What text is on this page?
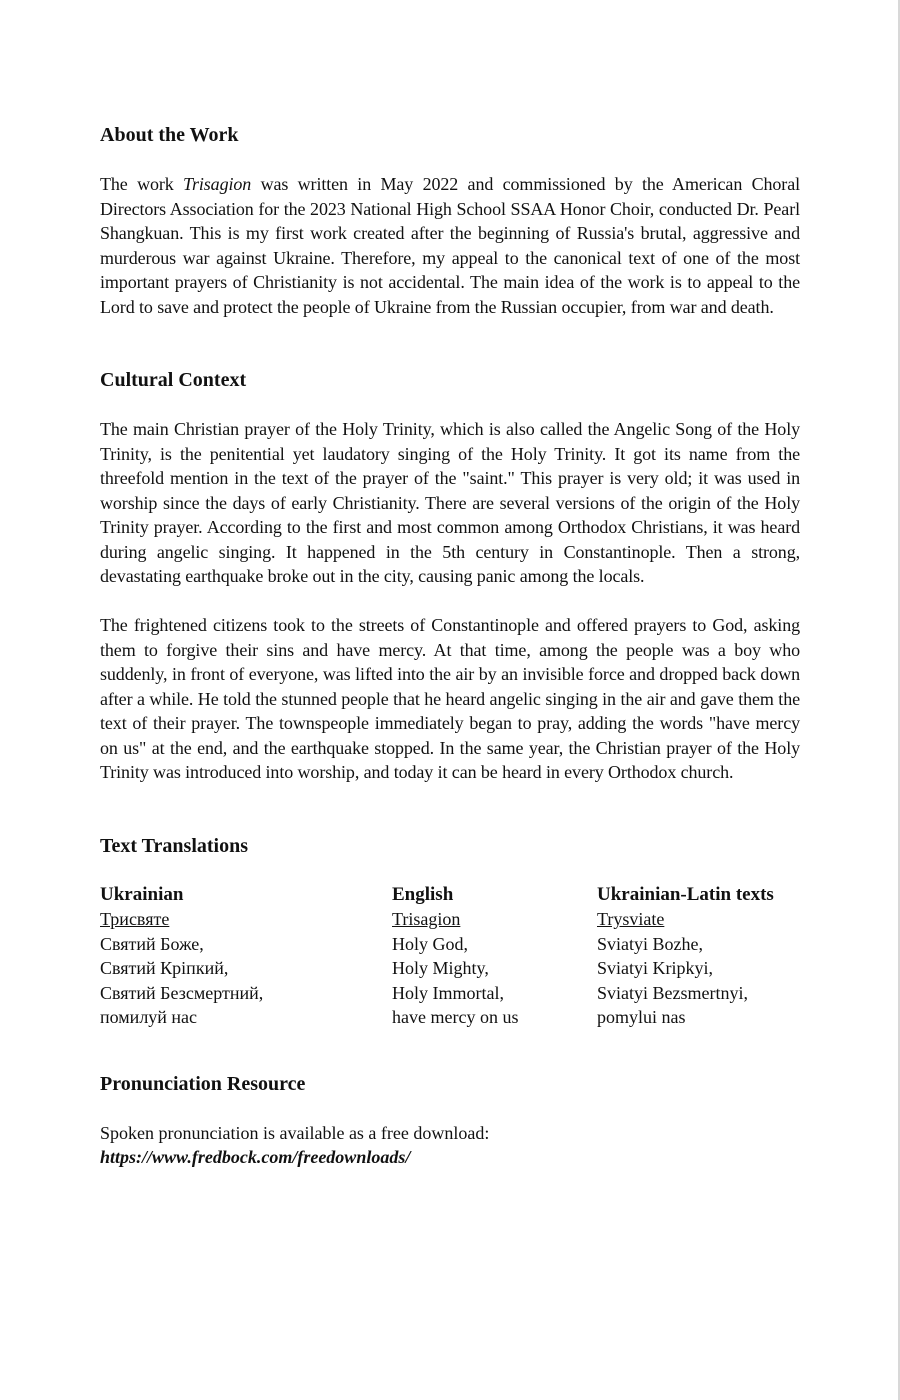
About the Work

The work Trisagion was written in May 2022 and commissioned by the American Choral Directors Association for the 2023 National High School SSAA Honor Choir, conducted Dr. Pearl Shangkuan. This is my first work created after the beginning of Russia's brutal, aggressive and murderous war against Ukraine. Therefore, my appeal to the canonical text of one of the most important prayers of Christianity is not accidental. The main idea of the work is to appeal to the Lord to save and protect the people of Ukraine from the Russian occupier, from war and death.

Cultural Context

The main Christian prayer of the Holy Trinity, which is also called the Angelic Song of the Holy Trinity, is the penitential yet laudatory singing of the Holy Trinity. It got its name from the threefold mention in the text of the prayer of the "saint." This prayer is very old; it was used in worship since the days of early Christianity. There are several versions of the origin of the Holy Trinity prayer. According to the first and most common among Orthodox Christians, it was heard during angelic singing. It happened in the 5th century in Constantinople. Then a strong, devastating earthquake broke out in the city, causing panic among the locals.

The frightened citizens took to the streets of Constantinople and offered prayers to God, asking them to forgive their sins and have mercy. At that time, among the people was a boy who suddenly, in front of everyone, was lifted into the air by an invisible force and dropped back down after a while. He told the stunned people that he heard angelic singing in the air and gave them the text of their prayer. The townspeople immediately began to pray, adding the words "have mercy on us" at the end, and the earthquake stopped. In the same year, the Christian prayer of the Holy Trinity was introduced into worship, and today it can be heard in every Orthodox church.

Text Translations
Ukrainian
Трисвяте
Святий Боже,
Святий Кріпкий,
Святий Безсмертний,
помилуй нас
English
Trisagion
Holy God,
Holy Mighty,
Holy Immortal,
have mercy on us
Ukrainian-Latin texts
Trysviate
Sviatyi Bozhe,
Sviatyi Kripkyi,
Sviatyi Bezsmertnyi,
pomylui nas
Pronunciation Resource
Spoken pronunciation is available as a free download:
https://www.fredbock.com/freedownloads/
